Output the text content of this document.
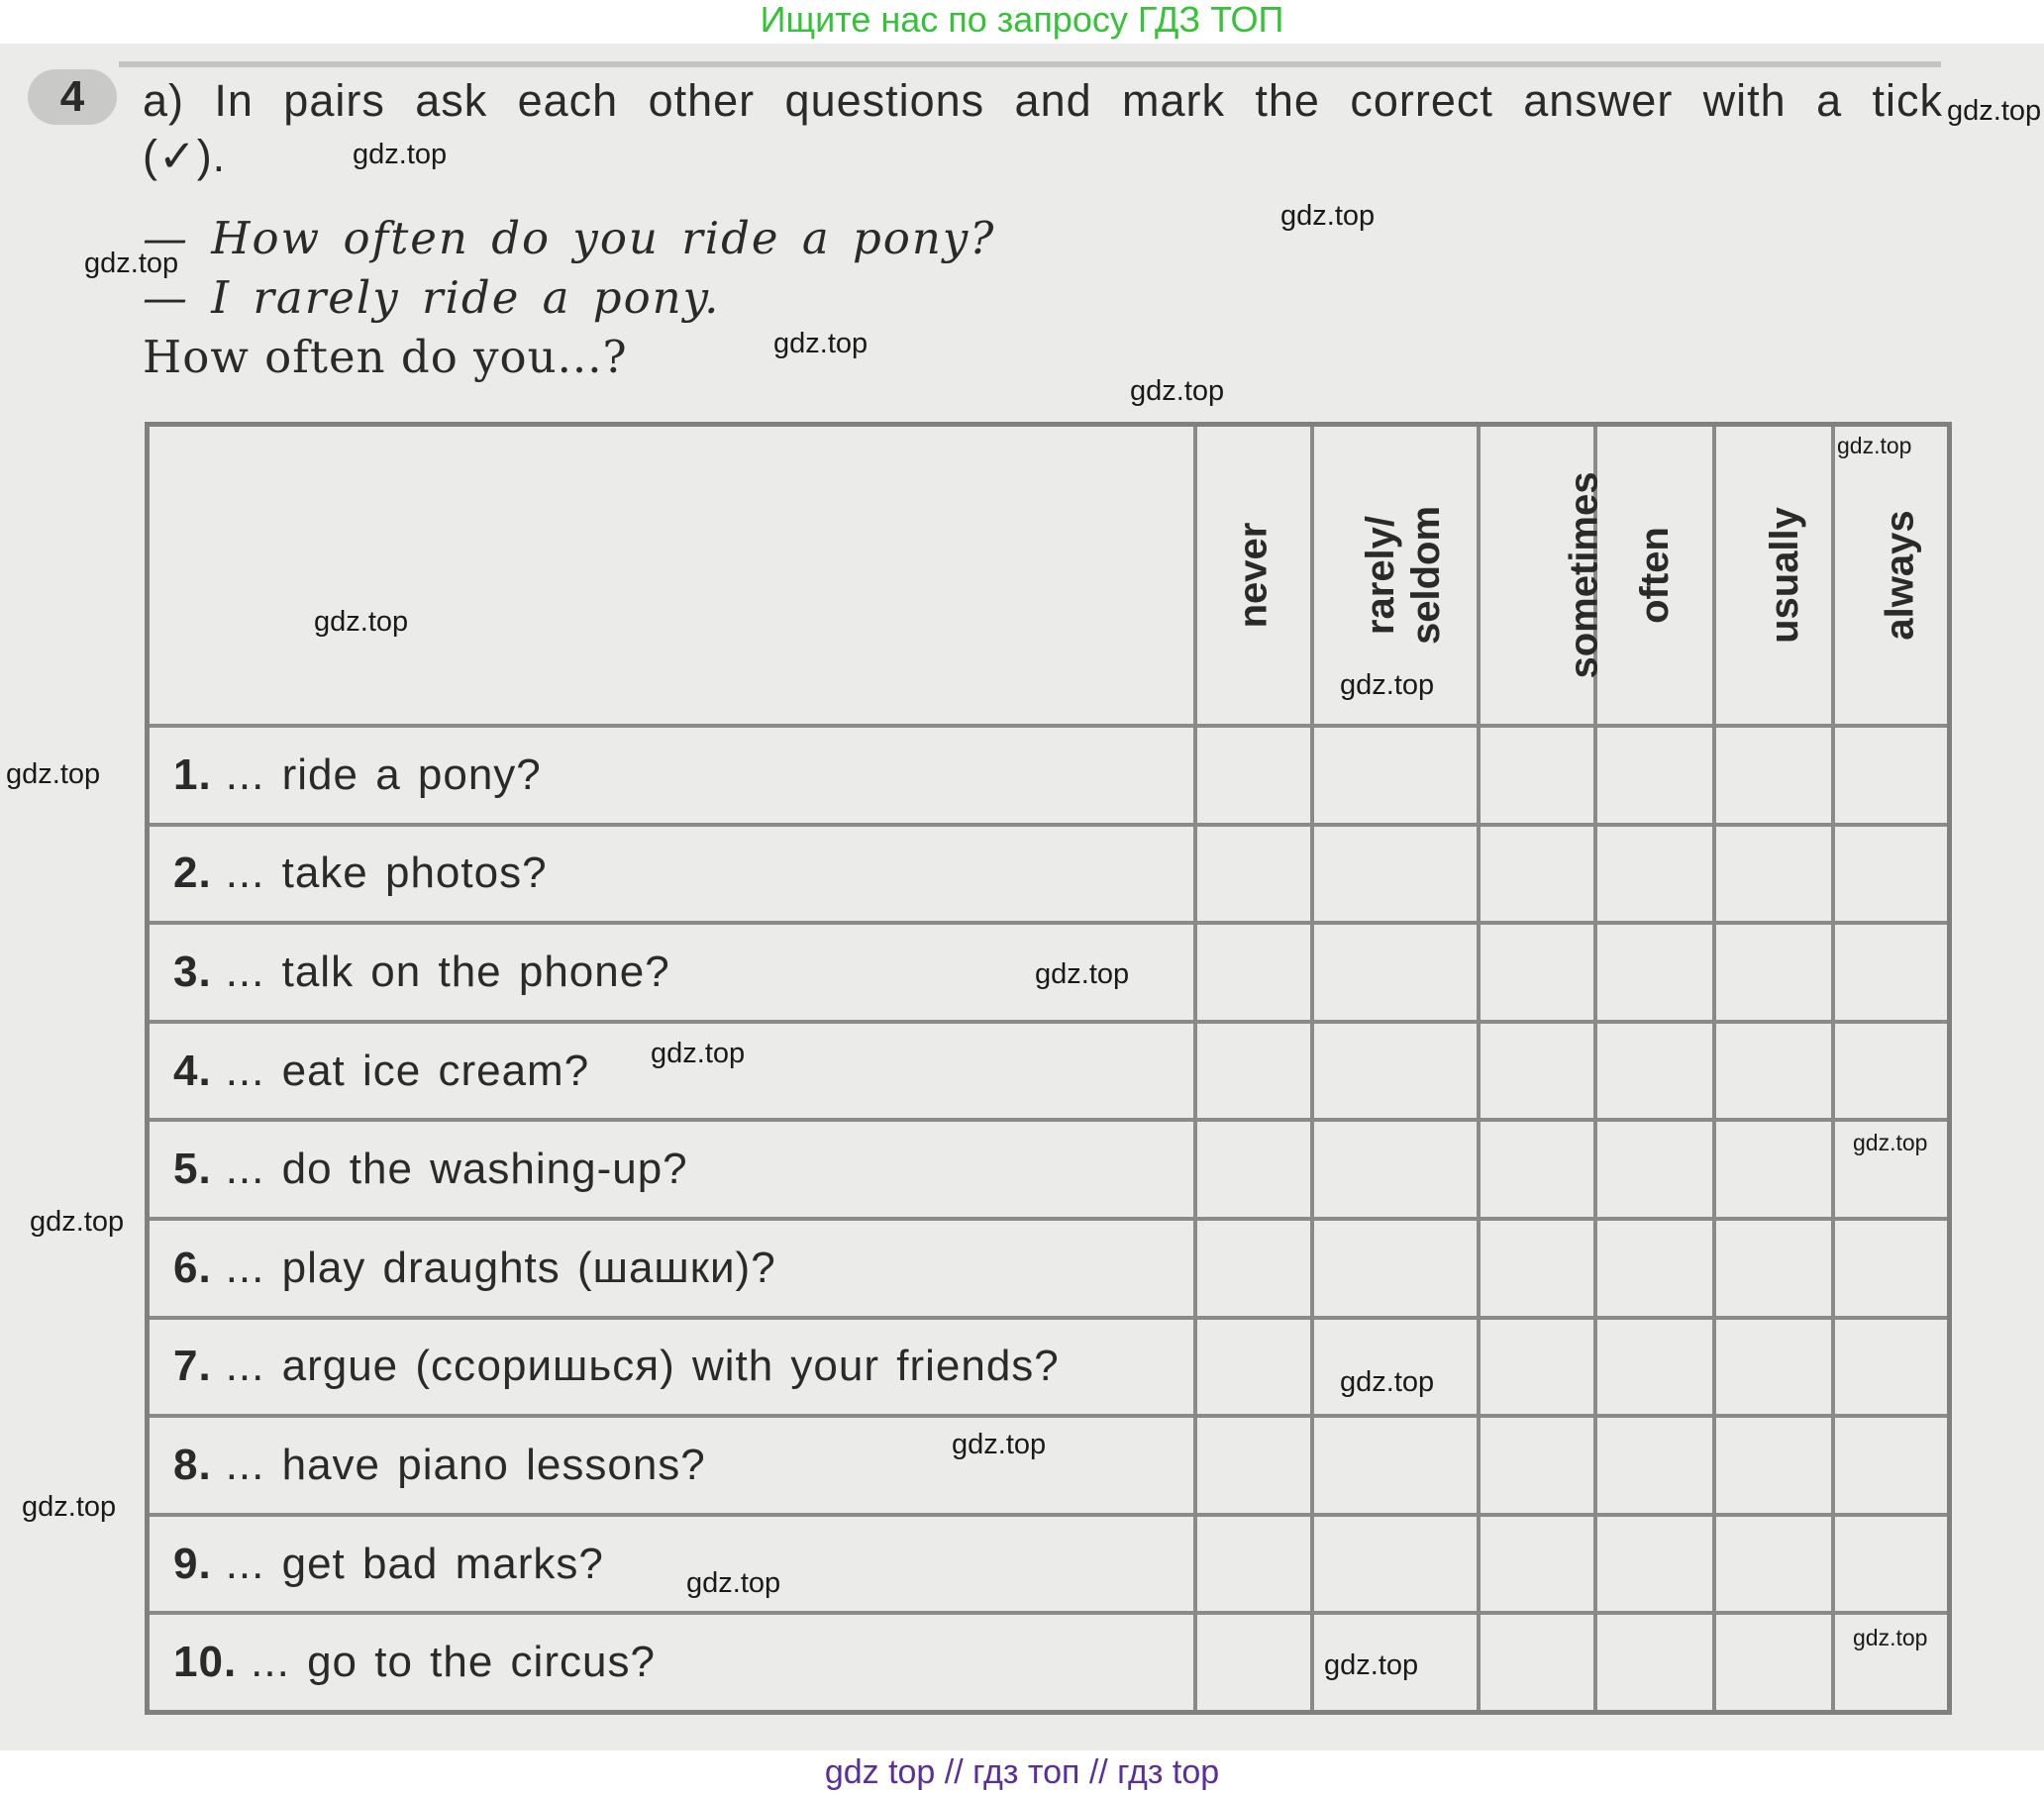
Ищите нас по запросу ГДЗ ТОП
4	a) In pairs ask each other questions and mark the correct answer with a tick (✓).
— How often do you ride a pony?
— I rarely ride a pony.
How often do you...?
	never	rarely/ seldom	sometimes	often	usually	always
1. ... ride a pony?						
2. ... take photos?						
3. ... talk on the phone?						
4. ... eat ice cream?						
5. ... do the washing-up?						
6. ... play draughts (шашки)?						
7. ... argue (ссоришься) with your friends?						
8. ... have piano lessons?						
9. ... get bad marks?						
10. ... go to the circus?						
gdz.top
gdz.top
gdz.top
gdz.top
gdz.top
gdz.top
gdz.top
gdz.top
gdz.top
gdz.top
gdz.top
gdz.top
gdz.top
gdz.top
gdz.top
gdz.top
gdz.top
gdz.top
gdz.top
gdz.top
gdz top // гдз топ // гдз top
